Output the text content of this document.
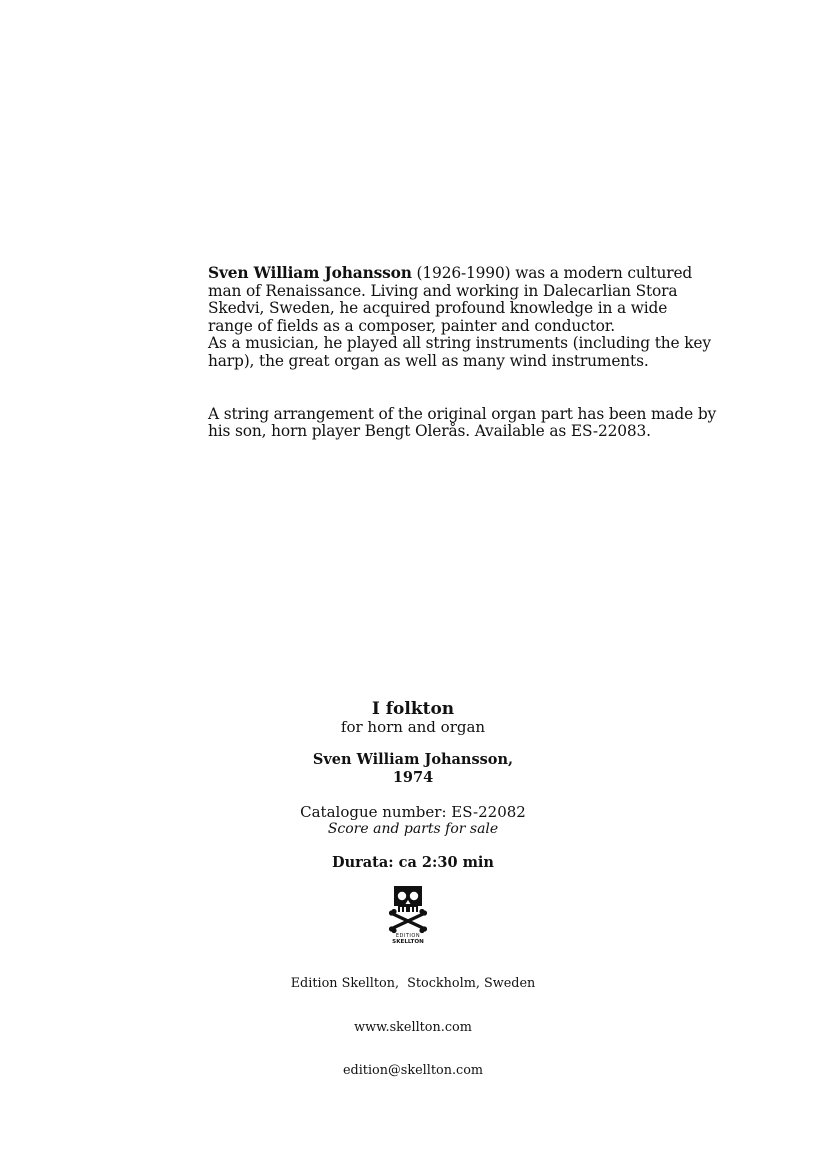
Sven William Johansson (1926-1990) was a modern cultured
man of Renaissance. Living and working in Dalecarlian Stora
Skedvi, Sweden, he acquired profound knowledge in a wide
range of fields as a composer, painter and conductor.
As a musician, he played all string instruments (including the key
harp), the great organ as well as many wind instruments.
A string arrangement of the original organ part has been made by
his son, horn player Bengt Olerås. Available as ES-22083.
I folkton
for horn and organ
Sven William Johansson,
1974
Catalogue number: ES-22082
Score and parts for sale
Durata: ca 2:30 min
EDITION
SKELLTON

Edition Skellton,  Stockholm, Sweden

www.skellton.com

edition@skellton.com
